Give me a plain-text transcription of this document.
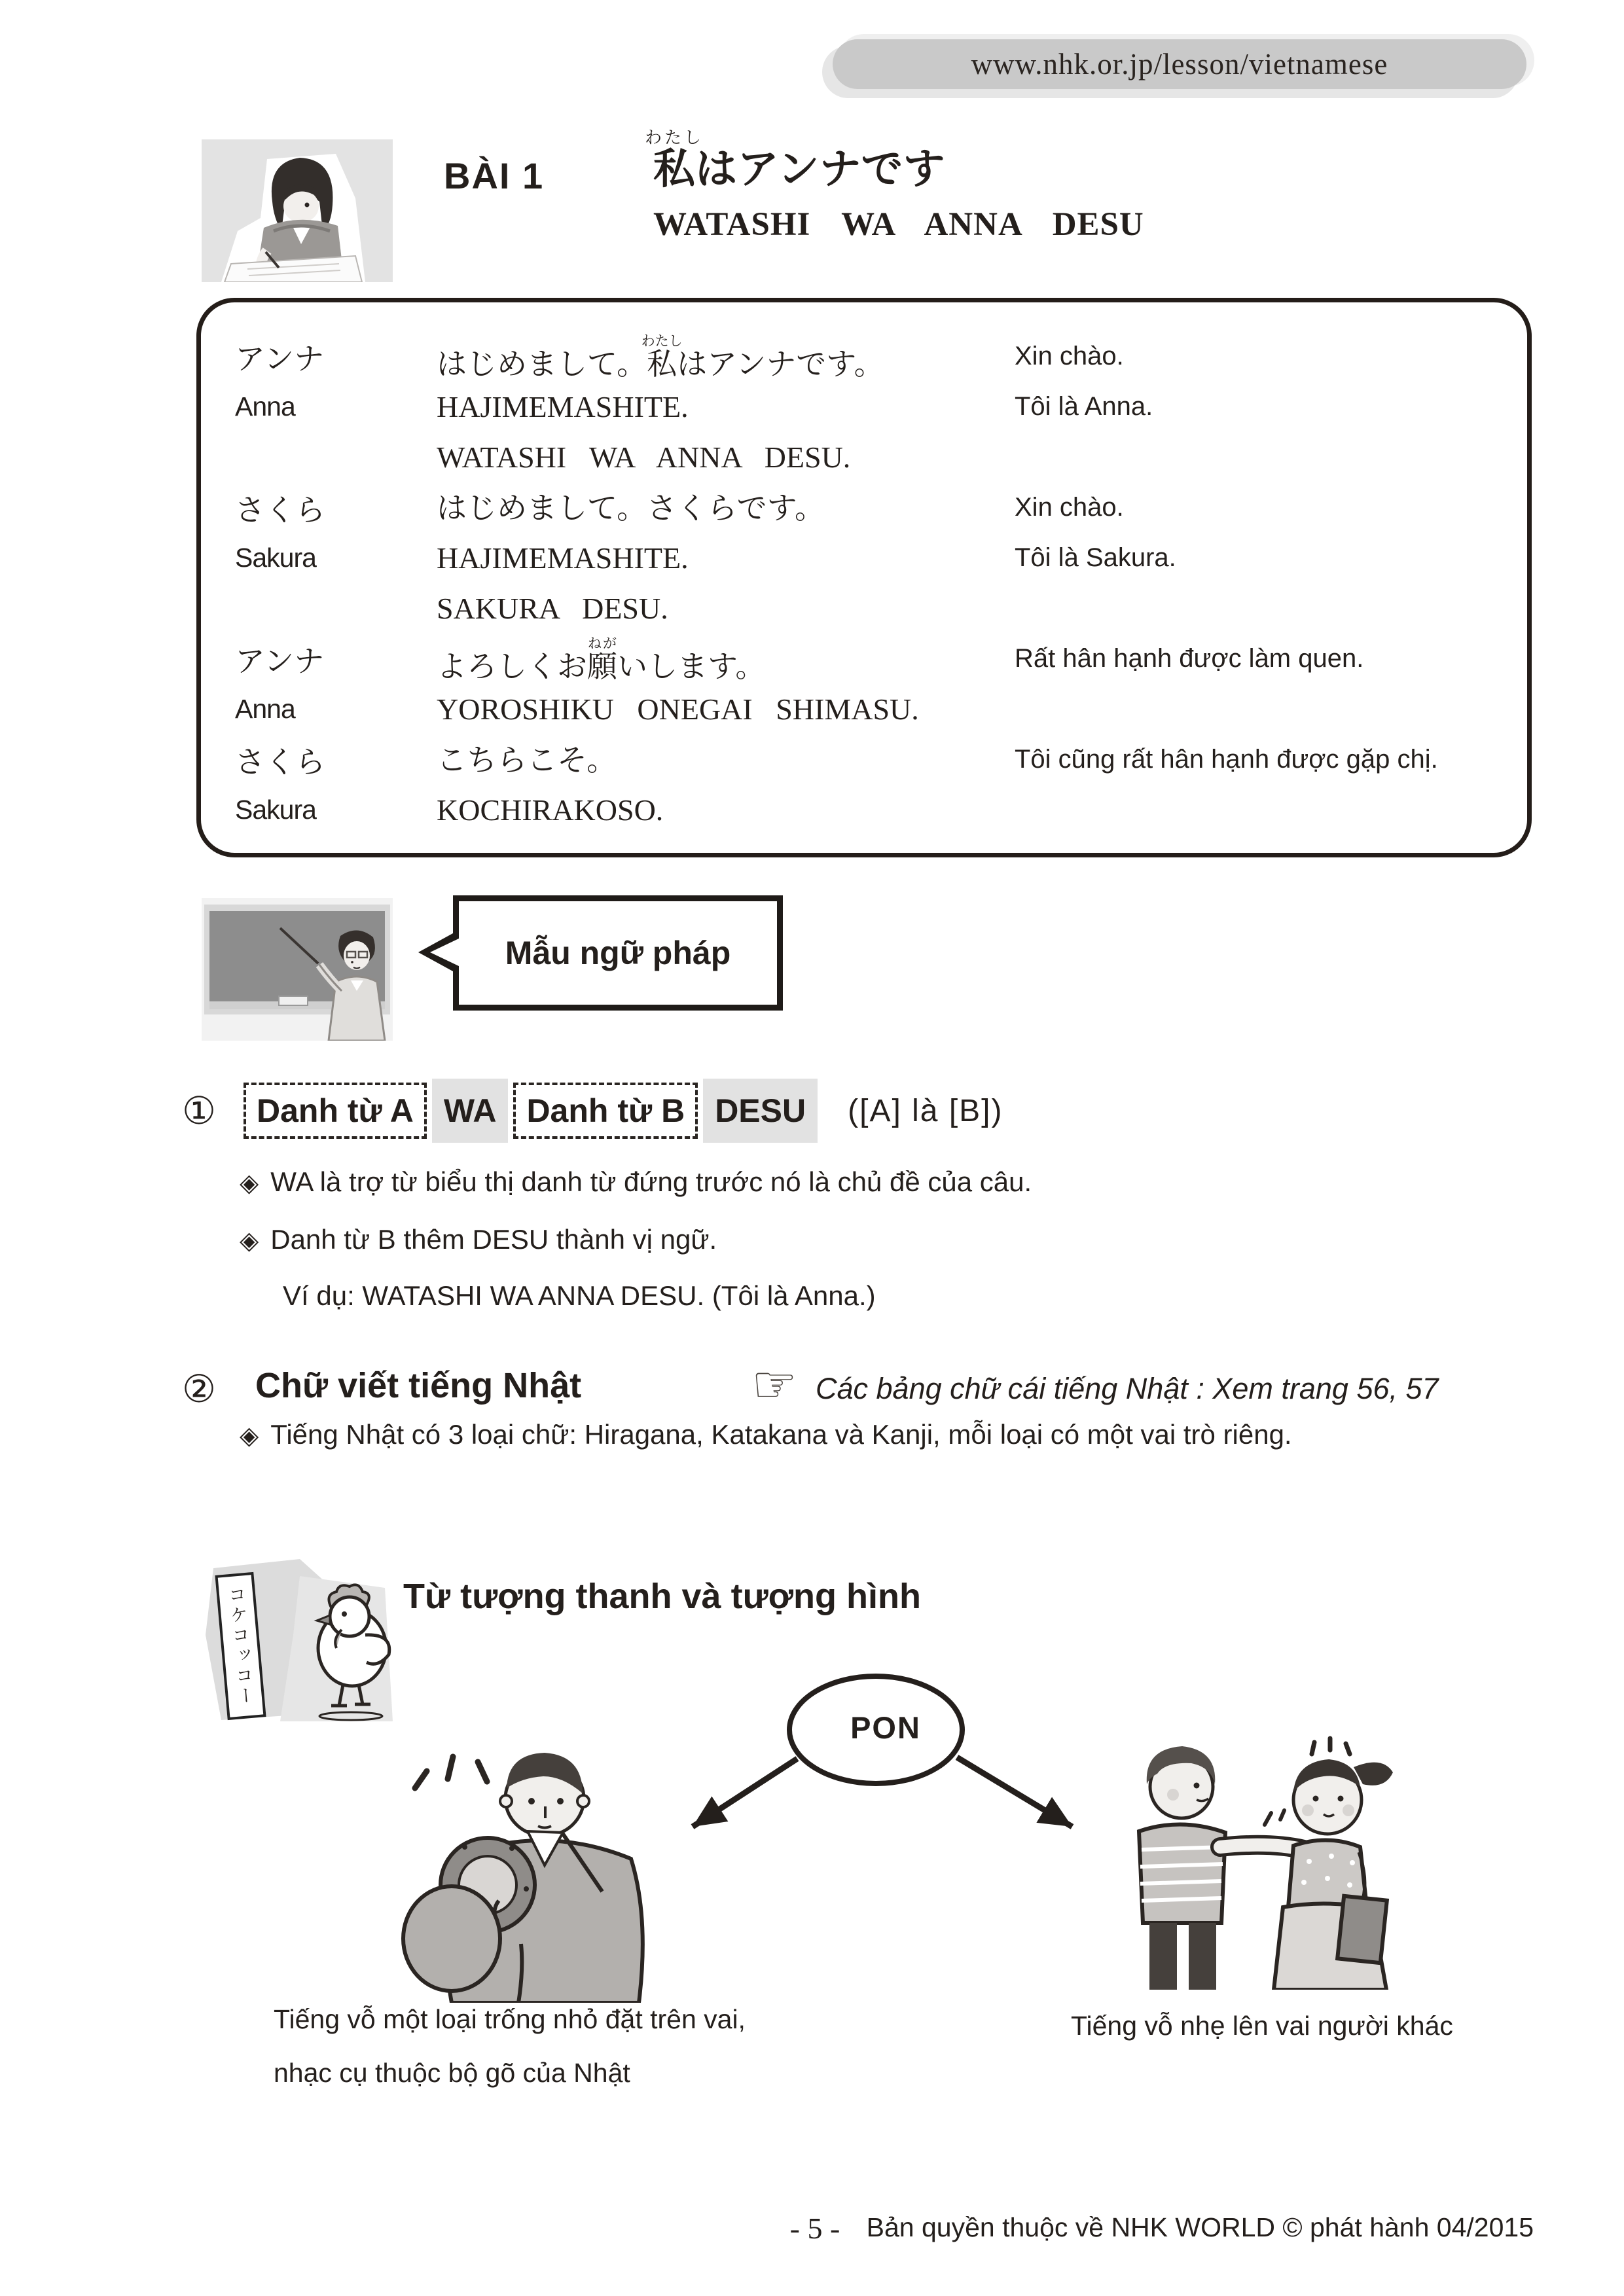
www.nhk.or.jp/lesson/vietnamese
BÀI 1 私わたしはアンナです
WATASHI WA ANNA DESU
アンナ	はじめまして。私わたしはアンナです。	Xin chào.
Anna	HAJIMEMASHITE.	Tôi là Anna.
WATASHI WA ANNA DESU.
さくら	はじめまして。さくらです。	Xin chào.
Sakura	HAJIMEMASHITE.	Tôi là Sakura.
SAKURA DESU.
アンナ	よろしくお願ねがいします。	Rất hân hạnh được làm quen.
Anna	YOROSHIKU ONEGAI SHIMASU.
さくら	こちらこそ。	Tôi cũng rất hân hạnh được gặp chị.
Sakura	KOCHIRAKOSO.
Mẫu ngữ pháp
①	Danh từ A WA Danh từ B DESU	([A] là [B])
◈ WA là trợ từ biểu thị danh từ đứng trước nó là chủ đề của câu.
◈ Danh từ B thêm DESU thành vị ngữ.
Ví dụ: WATASHI WA ANNA DESU. (Tôi là Anna.)
② Chữ viết tiếng Nhật	☞ Các bảng chữ cái tiếng Nhật : Xem trang 56, 57
◈ Tiếng Nhật có 3 loại chữ: Hiragana, Katakana và Kanji, mỗi loại có một vai trò riêng.
コケコッコー	Từ tượng thanh và tượng hình
PON
Tiếng vỗ một loại trống nhỏ đặt trên vai,
nhạc cụ thuộc bộ gõ của Nhật
Tiếng vỗ nhẹ lên vai người khác
- 5 - Bản quyền thuộc về NHK WORLD © phát hành 04/2015
